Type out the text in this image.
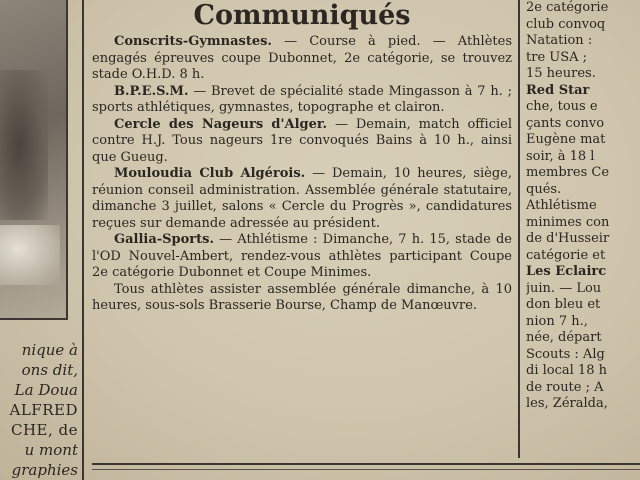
nique à
ons dit,
La Doua
ALFRED
CHE, de
u mont
graphies
Communiqués

Conscrits-Gymnastes. — Course à pied. — Athlètes engagés épreuves coupe Dubonnet, 2e catégorie, se trouvez stade O.H.D. 8 h.

B.P.E.S.M. — Brevet de spécialité stade Mingasson à 7 h. ; sports athlétiques, gymnastes, topographe et clairon.

Cercle des Nageurs d'Alger. — Demain, match officiel contre H.J. Tous nageurs 1re convoqués Bains à 10 h., ainsi que Gueug.

Mouloudia Club Algérois. — Demain, 10 heures, siège, réunion conseil administration. Assemblée générale statutaire, dimanche 3 juillet, salons « Cercle du Progrès », candidatures reçues sur demande adressée au président.

Gallia-Sports. — Athlétisme : Dimanche, 7 h. 15, stade de l'OD Nouvel-Ambert, rendez-vous athlètes participant Coupe 2e catégorie Dubonnet et Coupe Minimes.

Tous athlètes assister assemblée générale dimanche, à 10 heures, sous-sols Brasserie Bourse, Champ de Manœuvre.

2e catégorie
club convoq
Natation :
tre USA ;
15 heures.
Red Star
che, tous e
çants convo
Eugène mat
soir, à 18 l
membres Ce
qués.
Athlétisme
minimes con
de d'Husseir
catégorie et
Les Eclairc
juin. — Lou
don bleu et
nion 7 h.,
née, départ
Scouts : Alg
di local 18 h
de route ; A
les, Zéralda,
